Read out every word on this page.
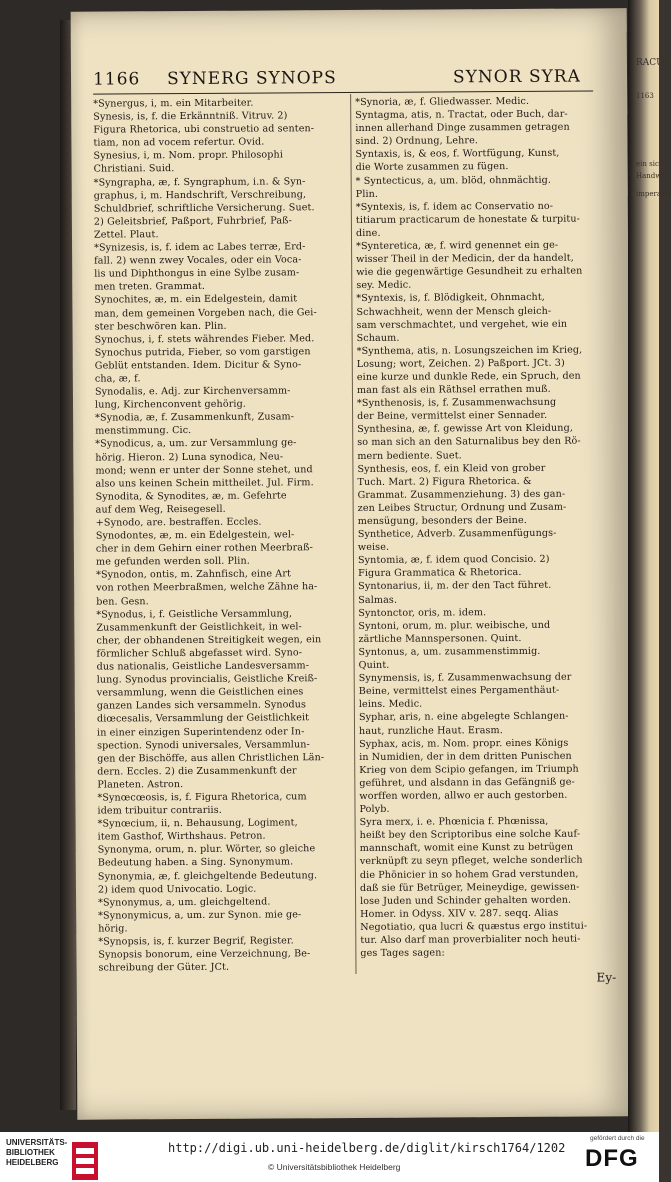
1166 SYNERG SYNOPS	SYNOR SYRA

*Synergus, i, m. ein Mitarbeiter.

Synesis, is, f. die Erkänntniß. Vitruv. 2)

Figura Rhetorica, ubi construetio ad senten-

tiam, non ad vocem refertur. Ovid.

Synesius, i, m. Nom. propr. Philosophi

Christiani. Suid.

*Syngrapha, æ, f. Syngraphum, i.n. & Syn-

graphus, i, m. Handschrift, Verschreibung,

Schuldbrief, schriftliche Versicherung. Suet.

2) Geleitsbrief, Paßport, Fuhrbrief, Paß-

Zettel. Plaut.

*Synizesis, is, f. idem ac Labes terræ, Erd-

fall. 2) wenn zwey Vocales, oder ein Voca-

lis und Diphthongus in eine Sylbe zusam-

men treten. Grammat.

Synochites, æ, m. ein Edelgestein, damit

man, dem gemeinen Vorgeben nach, die Gei-

ster beschwören kan. Plin.

Synochus, i, f. stets währendes Fieber. Med.

Synochus putrida, Fieber, so vom garstigen

Geblüt entstanden. Idem. Dicitur & Syno-

cha, æ, f.

Synodalis, e. Adj. zur Kirchenversamm-

lung, Kirchenconvent gehörig.

*Synodia, æ, f. Zusammenkunft, Zusam-

menstimmung. Cic.

*Synodicus, a, um. zur Versammlung ge-

hörig. Hieron. 2) Luna synodica, Neu-

mond; wenn er unter der Sonne stehet, und

also uns keinen Schein mittheilet. Jul. Firm.

Synodita, & Synodites, æ, m. Gefehrte

auf dem Weg, Reisegesell.

+Synodo, are. bestraffen. Eccles.

Synodontes, æ, m. ein Edelgestein, wel-

cher in dem Gehirn einer rothen Meerbraß-

me gefunden werden soll. Plin.

*Synodon, ontis, m. Zahnfisch, eine Art

von rothen Meerbraßmen, welche Zähne ha-

ben. Gesn.

*Synodus, i, f. Geistliche Versammlung,

Zusammenkunft der Geistlichkeit, in wel-

cher, der obhandenen Streitigkeit wegen, ein

förmlicher Schluß abgefasset wird. Syno-

dus nationalis, Geistliche Landesversamm-

lung. Synodus provincialis, Geistliche Kreiß-

versammlung, wenn die Geistlichen eines

ganzen Landes sich versammeln. Synodus

diœcesalis, Versammlung der Geistlichkeit

in einer einzigen Superintendenz oder In-

spection. Synodi universales, Versammlun-

gen der Bischöffe, aus allen Christlichen Län-

dern. Eccles. 2) die Zusammenkunft der

Planeten. Astron.

*Synœcœosis, is, f. Figura Rhetorica, cum

idem tribuitur contrariis.

*Synœcium, ii, n. Behausung, Logiment,

item Gasthof, Wirthshaus. Petron.

Synonyma, orum, n. plur. Wörter, so gleiche

Bedeutung haben. a Sing. Synonymum.

Synonymia, æ, f. gleichgeltende Bedeutung.

2) idem quod Univocatio. Logic.

*Synonymus, a, um. gleichgeltend.

*Synonymicus, a, um. zur Synon. mie ge-

hörig.

*Synopsis, is, f. kurzer Begrif, Register.

Synopsis bonorum, eine Verzeichnung, Be-

schreibung der Güter. JCt.

*Synoria, æ, f. Gliedwasser. Medic.

Syntagma, atis, n. Tractat, oder Buch, dar-

innen allerhand Dinge zusammen getragen

sind. 2) Ordnung, Lehre.

Syntaxis, is, & eos, f. Wortfügung, Kunst,

die Worte zusammen zu fügen.

* Syntecticus, a, um. blöd, ohnmächtig.

Plin.

*Syntexis, is, f. idem ac Conservatio no-

titiarum practicarum de honestate & turpitu-

dine.

*Synteretica, æ, f. wird genennet ein ge-

wisser Theil in der Medicin, der da handelt,

wie die gegenwärtige Gesundheit zu erhalten

sey. Medic.

*Syntexis, is, f. Blödigkeit, Ohnmacht,

Schwachheit, wenn der Mensch gleich-

sam verschmachtet, und vergehet, wie ein

Schaum.

*Synthema, atis, n. Losungszeichen im Krieg,

Losung; wort, Zeichen. 2) Paßport. JCt. 3)

eine kurze und dunkle Rede, ein Spruch, den

man fast als ein Räthsel errathen muß.

*Synthenosis, is, f. Zusammenwachsung

der Beine, vermittelst einer Sennader.

Synthesina, æ, f. gewisse Art von Kleidung,

so man sich an den Saturnalibus bey den Rö-

mern bediente. Suet.

Synthesis, eos, f. ein Kleid von grober

Tuch. Mart. 2) Figura Rhetorica. &

Grammat. Zusammenziehung. 3) des gan-

zen Leibes Structur, Ordnung und Zusam-

mensügung, besonders der Beine.

Synthetice, Adverb. Zusammenfügungs-

weise.

Syntomia, æ, f. idem quod Concisio. 2)

Figura Grammatica & Rhetorica.

Syntonarius, ii, m. der den Tact führet.

Salmas.

Syntonctor, oris, m. idem.

Syntoni, orum, m. plur. weibische, und

zärtliche Mannspersonen. Quint.

Syntonus, a, um. zusammenstimmig.

Quint.

Synymensis, is, f. Zusammenwachsung der

Beine, vermittelst eines Pergamenthäut-

leins. Medic.

Syphar, aris, n. eine abgelegte Schlangen-

haut, runzliche Haut. Erasm.

Syphax, acis, m. Nom. propr. eines Königs

in Numidien, der in dem dritten Punischen

Krieg von dem Scipio gefangen, im Triumph

geführet, und alsdann in das Gefängniß ge-

worffen worden, allwo er auch gestorben.

Polyb.

Syra merx, i. e. Phœnicia f. Phœnissa,

heißt bey den Scriptoribus eine solche Kauf-

mannschaft, womit eine Kunst zu betrügen

verknüpft zu seyn pfleget, welche sonderlich

die Phönicier in so hohem Grad verstunden,

daß sie für Betrüger, Meineydige, gewissen-

lose Juden und Schinder gehalten worden.

Homer. in Odyss. XIV v. 287. seqq. Alias

Negotiatio, qua lucri & quæstus ergo institui-

tur. Also darf man proverbialiter noch heuti-

ges Tages sagen:

Ey-
RACUS
1163
ein sich
Handw
imperator
UNIVERSITÄTS-
BIBLIOTHEK
HEIDELBERG
http://digi.ub.uni-heidelberg.de/diglit/kirsch1764/1202
© Universitätsbibliothek Heidelberg
gefördert durch die
DFG
